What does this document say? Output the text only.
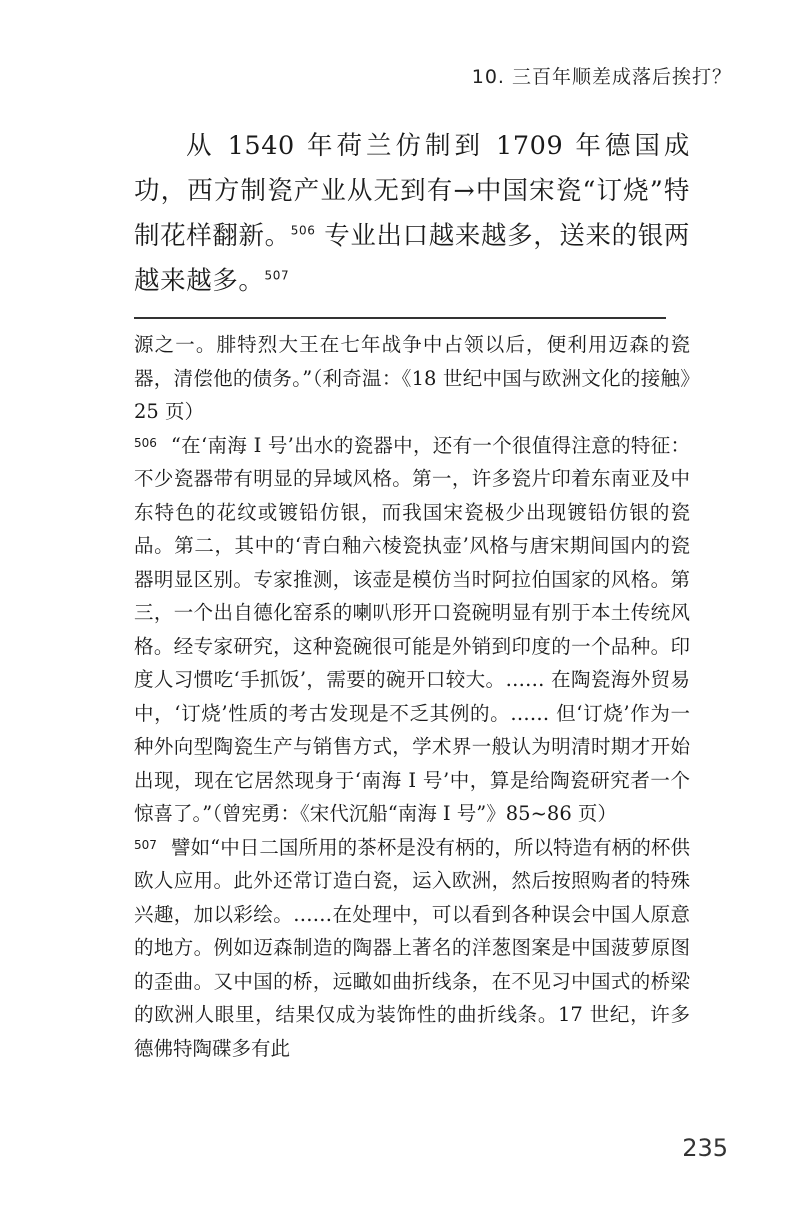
10. 三百年顺差成落后挨打？

从 1540 年荷兰仿制到 1709 年德国成功，西方制瓷产业从无到有→中国宋瓷“订烧”特制花样翻新。$^{506}$ 专业出口越来越多，送来的银两越来越多。$^{507}$

源之一。腓特烈大王在七年战争中占领以后，便利用迈森的瓷器，清偿他的债务。”（利奇温：《18 世纪中国与欧洲文化的接触》25 页）

$^{506}$ “在‘南海 I 号’出水的瓷器中，还有一个很值得注意的特征：不少瓷器带有明显的异域风格。第一，许多瓷片印着东南亚及中东特色的花纹或镀铅仿银，而我国宋瓷极少出现镀铅仿银的瓷品。第二，其中的‘青白釉六棱瓷执壶’风格与唐宋期间国内的瓷器明显区别。专家推测，该壶是模仿当时阿拉伯国家的风格。第三，一个出自德化窑系的喇叭形开口瓷碗明显有别于本土传统风格。经专家研究，这种瓷碗很可能是外销到印度的一个品种。印度人习惯吃‘手抓饭’，需要的碗开口较大。…… 在陶瓷海外贸易中，‘订烧’性质的考古发现是不乏其例的。…… 但‘订烧’作为一种外向型陶瓷生产与销售方式，学术界一般认为明清时期才开始出现，现在它居然现身于‘南海 I 号’中，算是给陶瓷研究者一个惊喜了。”（曾宪勇：《宋代沉船“南海 I 号”》85~86 页）

$^{507}$ 譬如“中日二国所用的茶杯是没有柄的，所以特造有柄的杯供欧人应用。此外还常订造白瓷，运入欧洲，然后按照购者的特殊兴趣，加以彩绘。……在处理中，可以看到各种误会中国人原意的地方。例如迈森制造的陶器上著名的洋葱图案是中国菠萝原图的歪曲。又中国的桥，远瞰如曲折线条，在不见习中国式的桥梁的欧洲人眼里，结果仅成为装饰性的曲折线条。17 世纪，许多德佛特陶碟多有此

235
